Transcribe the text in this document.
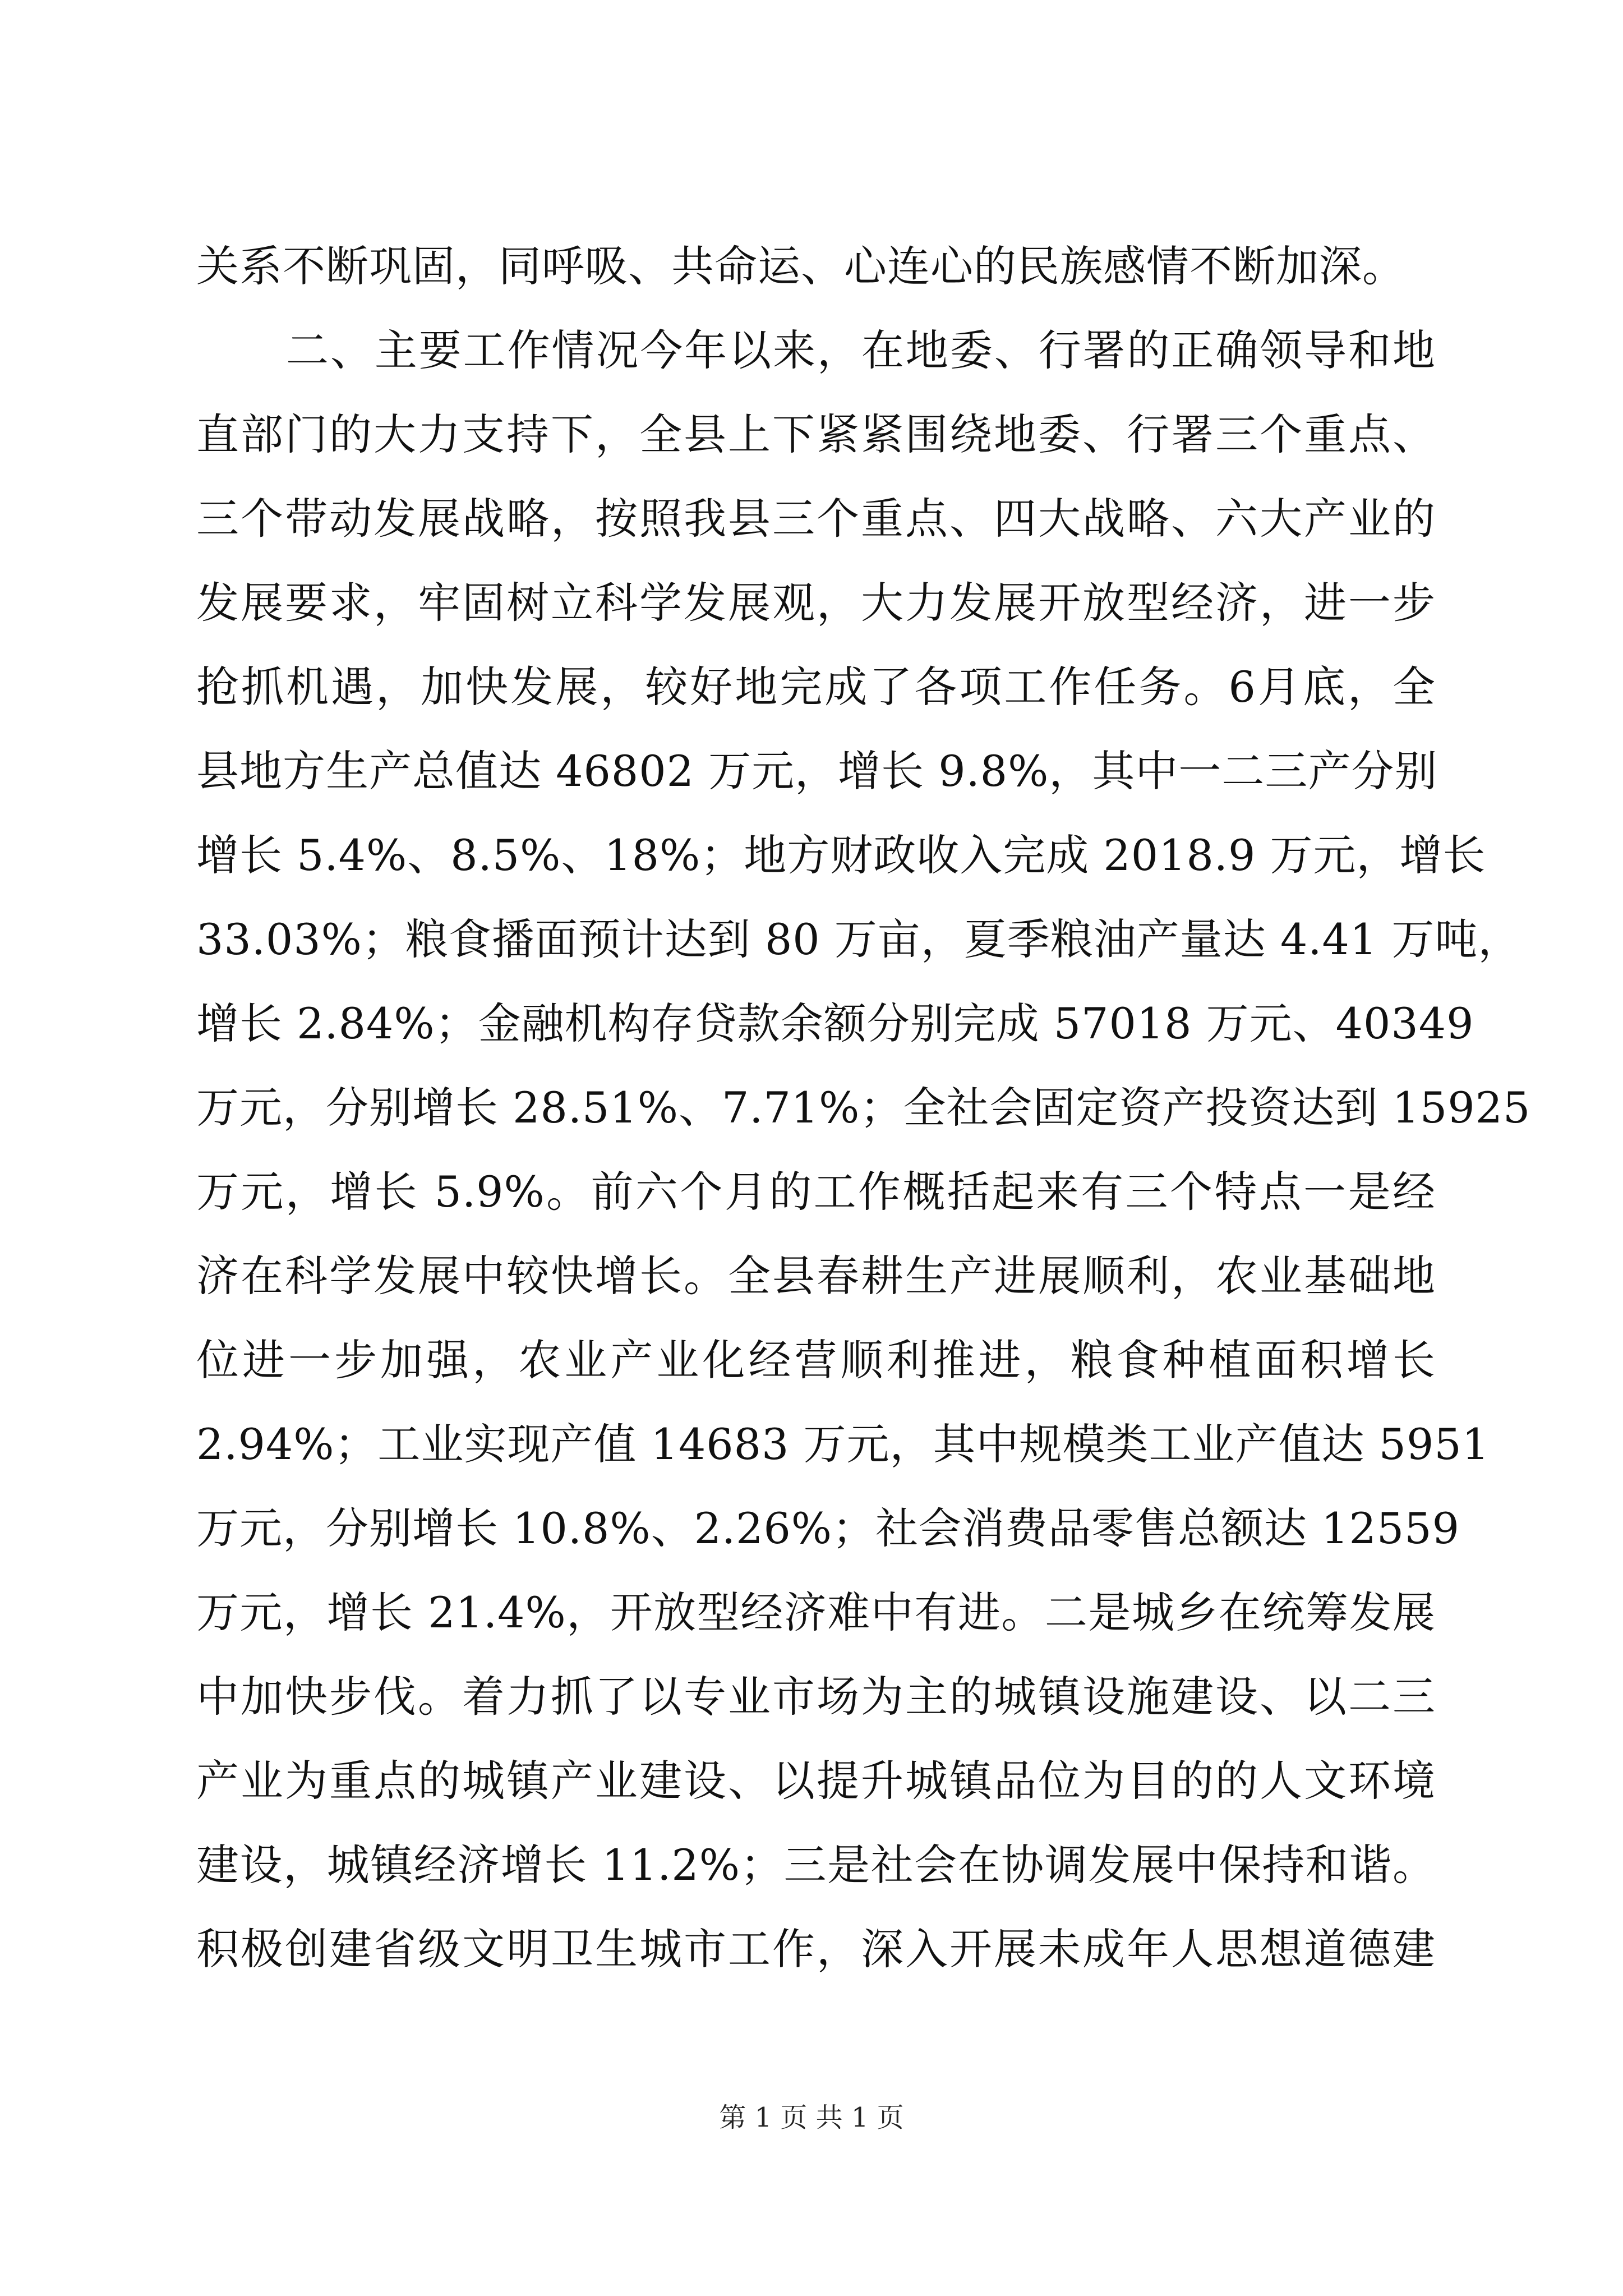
关系不断巩固，同呼吸、共命运、心连心的民族感情不断加深。
二、主要工作情况今年以来，在地委、行署的正确领导和地
直部门的大力支持下，全县上下紧紧围绕地委、行署三个重点、
三个带动发展战略，按照我县三个重点、四大战略、六大产业的
发展要求，牢固树立科学发展观，大力发展开放型经济，进一步
抢抓机遇，加快发展，较好地完成了各项工作任务。6月底，全
县地方生产总值达 46802 万元，增长 9.8%，其中一二三产分别
增长 5.4%、8.5%、18%；地方财政收入完成 2018.9 万元，增长
33.03%；粮食播面预计达到 80 万亩，夏季粮油产量达 4.41 万吨，
增长 2.84%；金融机构存贷款余额分别完成 57018 万元、40349
万元，分别增长 28.51%、7.71%；全社会固定资产投资达到 15925
万元，增长 5.9%。前六个月的工作概括起来有三个特点一是经
济在科学发展中较快增长。全县春耕生产进展顺利，农业基础地
位进一步加强，农业产业化经营顺利推进，粮食种植面积增长
2.94%；工业实现产值 14683 万元，其中规模类工业产值达 5951
万元，分别增长 10.8%、2.26%；社会消费品零售总额达 12559
万元，增长 21.4%，开放型经济难中有进。二是城乡在统筹发展
中加快步伐。着力抓了以专业市场为主的城镇设施建设、以二三
产业为重点的城镇产业建设、以提升城镇品位为目的的人文环境
建设，城镇经济增长 11.2%；三是社会在协调发展中保持和谐。
积极创建省级文明卫生城市工作，深入开展未成年人思想道德建
第 1 页 共 1 页
